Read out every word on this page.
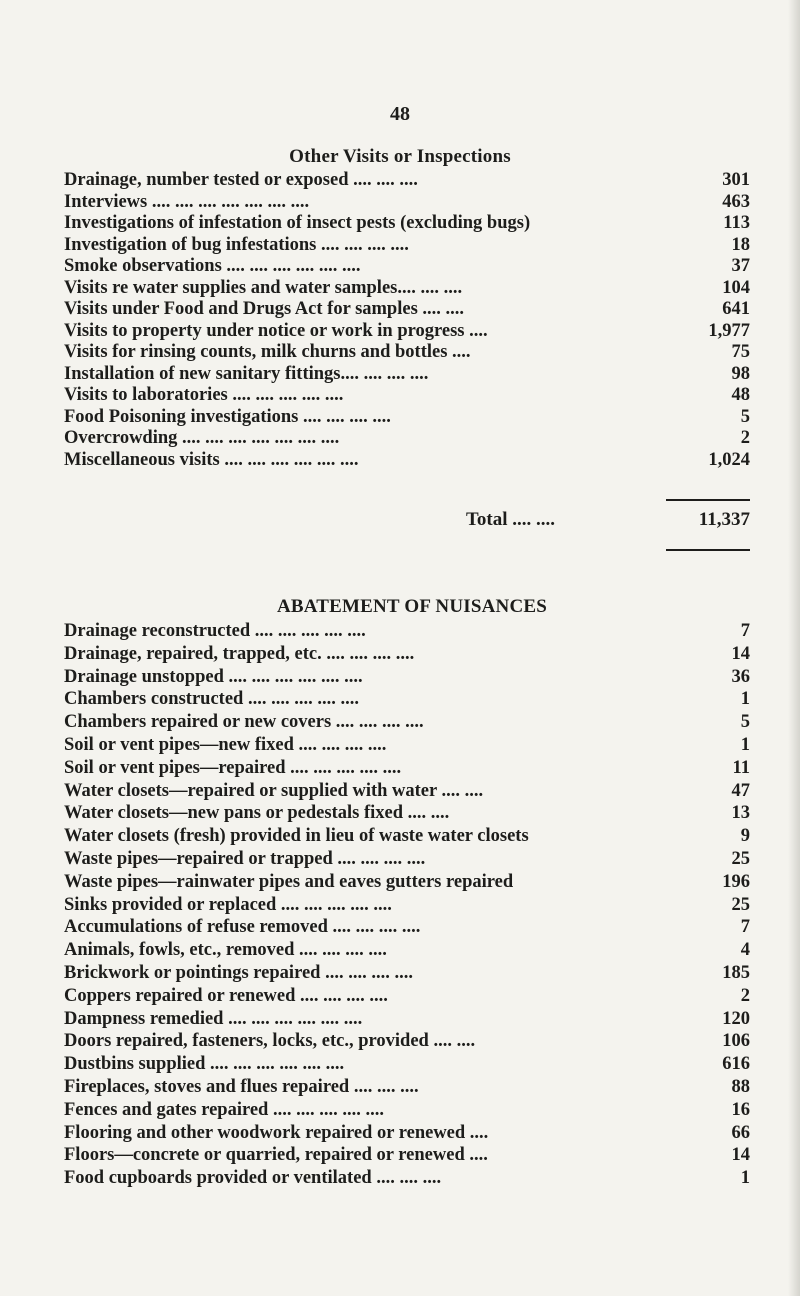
48
Other Visits or Inspections
Drainage, number tested or exposed .... .... ....	301
Interviews .... .... .... .... .... .... ....	463
Investigations of infestation of insect pests (excluding bugs)	113
Investigation of bug infestations .... .... .... ....	18
Smoke observations .... .... .... .... .... ....	37
Visits re water supplies and water samples.... .... ....	104
Visits under Food and Drugs Act for samples .... ....	641
Visits to property under notice or work in progress ....	1,977
Visits for rinsing counts, milk churns and bottles ....	75
Installation of new sanitary fittings.... .... .... ....	98
Visits to laboratories .... .... .... .... ....	48
Food Poisoning investigations .... .... .... ....	5
Overcrowding .... .... .... .... .... .... ....	2
Miscellaneous visits .... .... .... .... .... ....	1,024
Total .... ....	11,337
ABATEMENT OF NUISANCES
Drainage reconstructed .... .... .... .... ....	7
Drainage, repaired, trapped, etc. .... .... .... ....	14
Drainage unstopped .... .... .... .... .... ....	36
Chambers constructed .... .... .... .... ....	1
Chambers repaired or new covers .... .... .... ....	5
Soil or vent pipes—new fixed .... .... .... ....	1
Soil or vent pipes—repaired .... .... .... .... ....	11
Water closets—repaired or supplied with water .... ....	47
Water closets—new pans or pedestals fixed .... ....	13
Water closets (fresh) provided in lieu of waste water closets	9
Waste pipes—repaired or trapped .... .... .... ....	25
Waste pipes—rainwater pipes and eaves gutters repaired	196
Sinks provided or replaced .... .... .... .... ....	25
Accumulations of refuse removed .... .... .... ....	7
Animals, fowls, etc., removed .... .... .... ....	4
Brickwork or pointings repaired .... .... .... ....	185
Coppers repaired or renewed .... .... .... ....	2
Dampness remedied .... .... .... .... .... ....	120
Doors repaired, fasteners, locks, etc., provided .... ....	106
Dustbins supplied .... .... .... .... .... ....	616
Fireplaces, stoves and flues repaired .... .... ....	88
Fences and gates repaired .... .... .... .... ....	16
Flooring and other woodwork repaired or renewed ....	66
Floors—concrete or quarried, repaired or renewed ....	14
Food cupboards provided or ventilated .... .... ....	1
